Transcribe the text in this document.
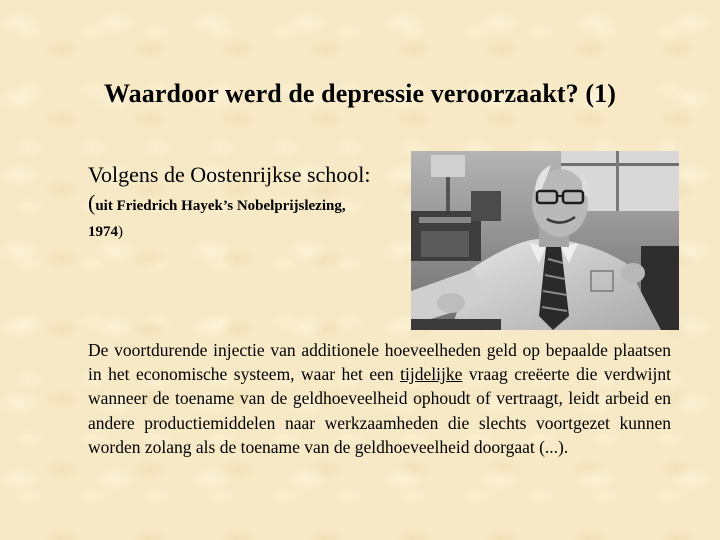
Waardoor werd de depressie veroorzaakt? (1)
Volgens de Oostenrijkse school:
(uit Friedrich Hayek’s Nobelprijslezing,
1974)
De voortdurende injectie van additionele hoeveelheden geld op bepaalde plaatsen in het economische systeem, waar het een tijdelijke vraag creëerte die verdwijnt wanneer de toename van de geldhoeveelheid ophoudt of vertraagt, leidt arbeid en andere productiemiddelen naar werkzaamheden die slechts voortgezet kunnen worden zolang als de toename van de geldhoeveelheid doorgaat (...).
